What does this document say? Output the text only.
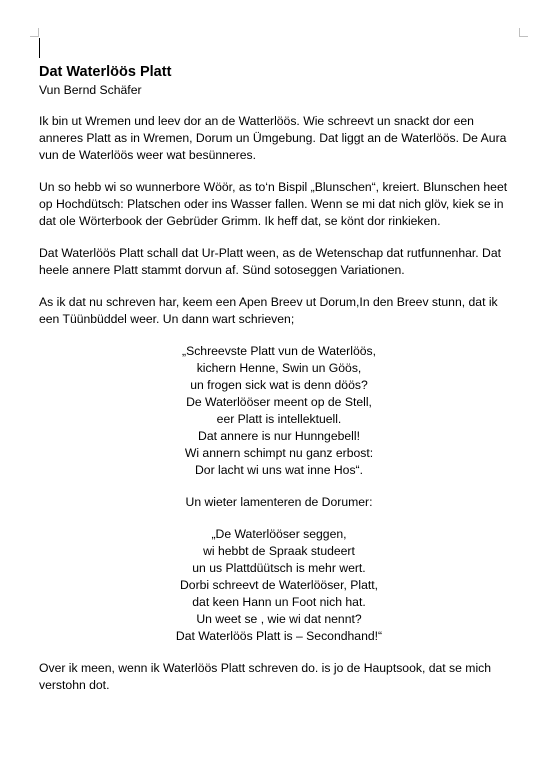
Dat Waterlöös Platt

Vun Bernd Schäfer

Ik bin ut Wremen und leev dor an de Watterlöös. Wie schreevt un snackt dor een anneres Platt as in Wremen, Dorum un Ümgebung. Dat liggt an de Waterlöös. De Aura vun de Waterlöös weer wat besünneres.

Un so hebb wi so wunnerbore Wöör, as to‘n Bispil „Blunschen“, kreiert. Blunschen heet op Hochdütsch: Platschen oder ins Wasser fallen. Wenn se mi dat nich glöv, kiek se in dat ole Wörterbook der Gebrüder Grimm. Ik heff dat, se könt dor rinkieken.

Dat Waterlöös Platt schall dat Ur-Platt ween, as de Wetenschap dat rutfunnenhar. Dat heele annere Platt stammt dorvun af. Sünd sotoseggen Variationen.

As ik dat nu schreven har, keem een Apen Breev ut Dorum,In den Breev stunn, dat ik een Tüünbüddel weer. Un dann wart schrieven;

„Schreevste Platt vun de Waterlöös,
kichern Henne, Swin un Göös,
un frogen sick wat is denn döös?
De Waterlööser meent op de Stell,
eer Platt is intellektuell.
Dat annere is nur Hunngebell!
Wi annern schimpt nu ganz erbost:
Dor lacht wi uns wat inne Hos“.

Un wieter lamenteren de Dorumer:

„De Waterlööser seggen,
wi hebbt de Spraak studeert
un us Plattdüütsch is mehr wert.
Dorbi schreevt de Waterlööser, Platt,
dat keen Hann un Foot nich hat.
Un weet se , wie wi dat nennt?
Dat Waterlöös Platt is – Secondhand!“

Over ik meen, wenn ik Waterlöös Platt schreven do. is jo de Hauptsook, dat se mich verstohn dot.
